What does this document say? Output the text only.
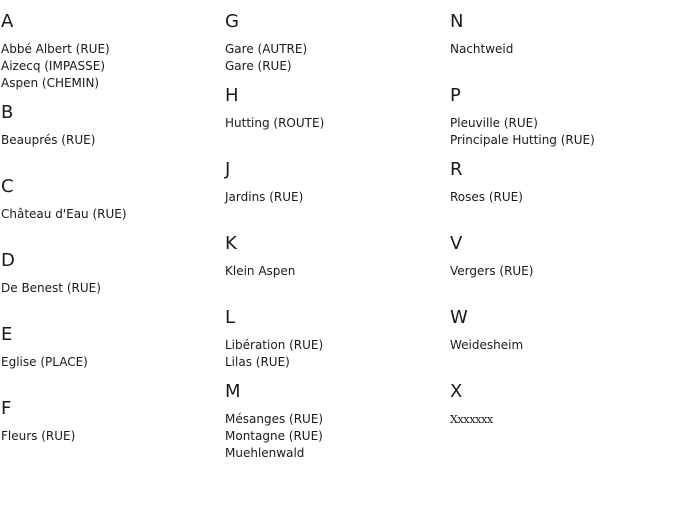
A
Abbé Albert (RUE)
Aizecq (IMPASSE)
Aspen (CHEMIN)
B
Beauprés (RUE)
C
Château d'Eau (RUE)
D
De Benest (RUE)
E
Eglise (PLACE)
F
Fleurs (RUE)
G
Gare (AUTRE)
Gare (RUE)
H
Hutting (ROUTE)
J
Jardins (RUE)
K
Klein Aspen
L
Libération (RUE)
Lilas (RUE)
M
Mésanges (RUE)
Montagne (RUE)
Muehlenwald
N
Nachtweid
P
Pleuville (RUE)
Principale Hutting (RUE)
R
Roses (RUE)
V
Vergers (RUE)
W
Weidesheim
X
Xxxxxxx
